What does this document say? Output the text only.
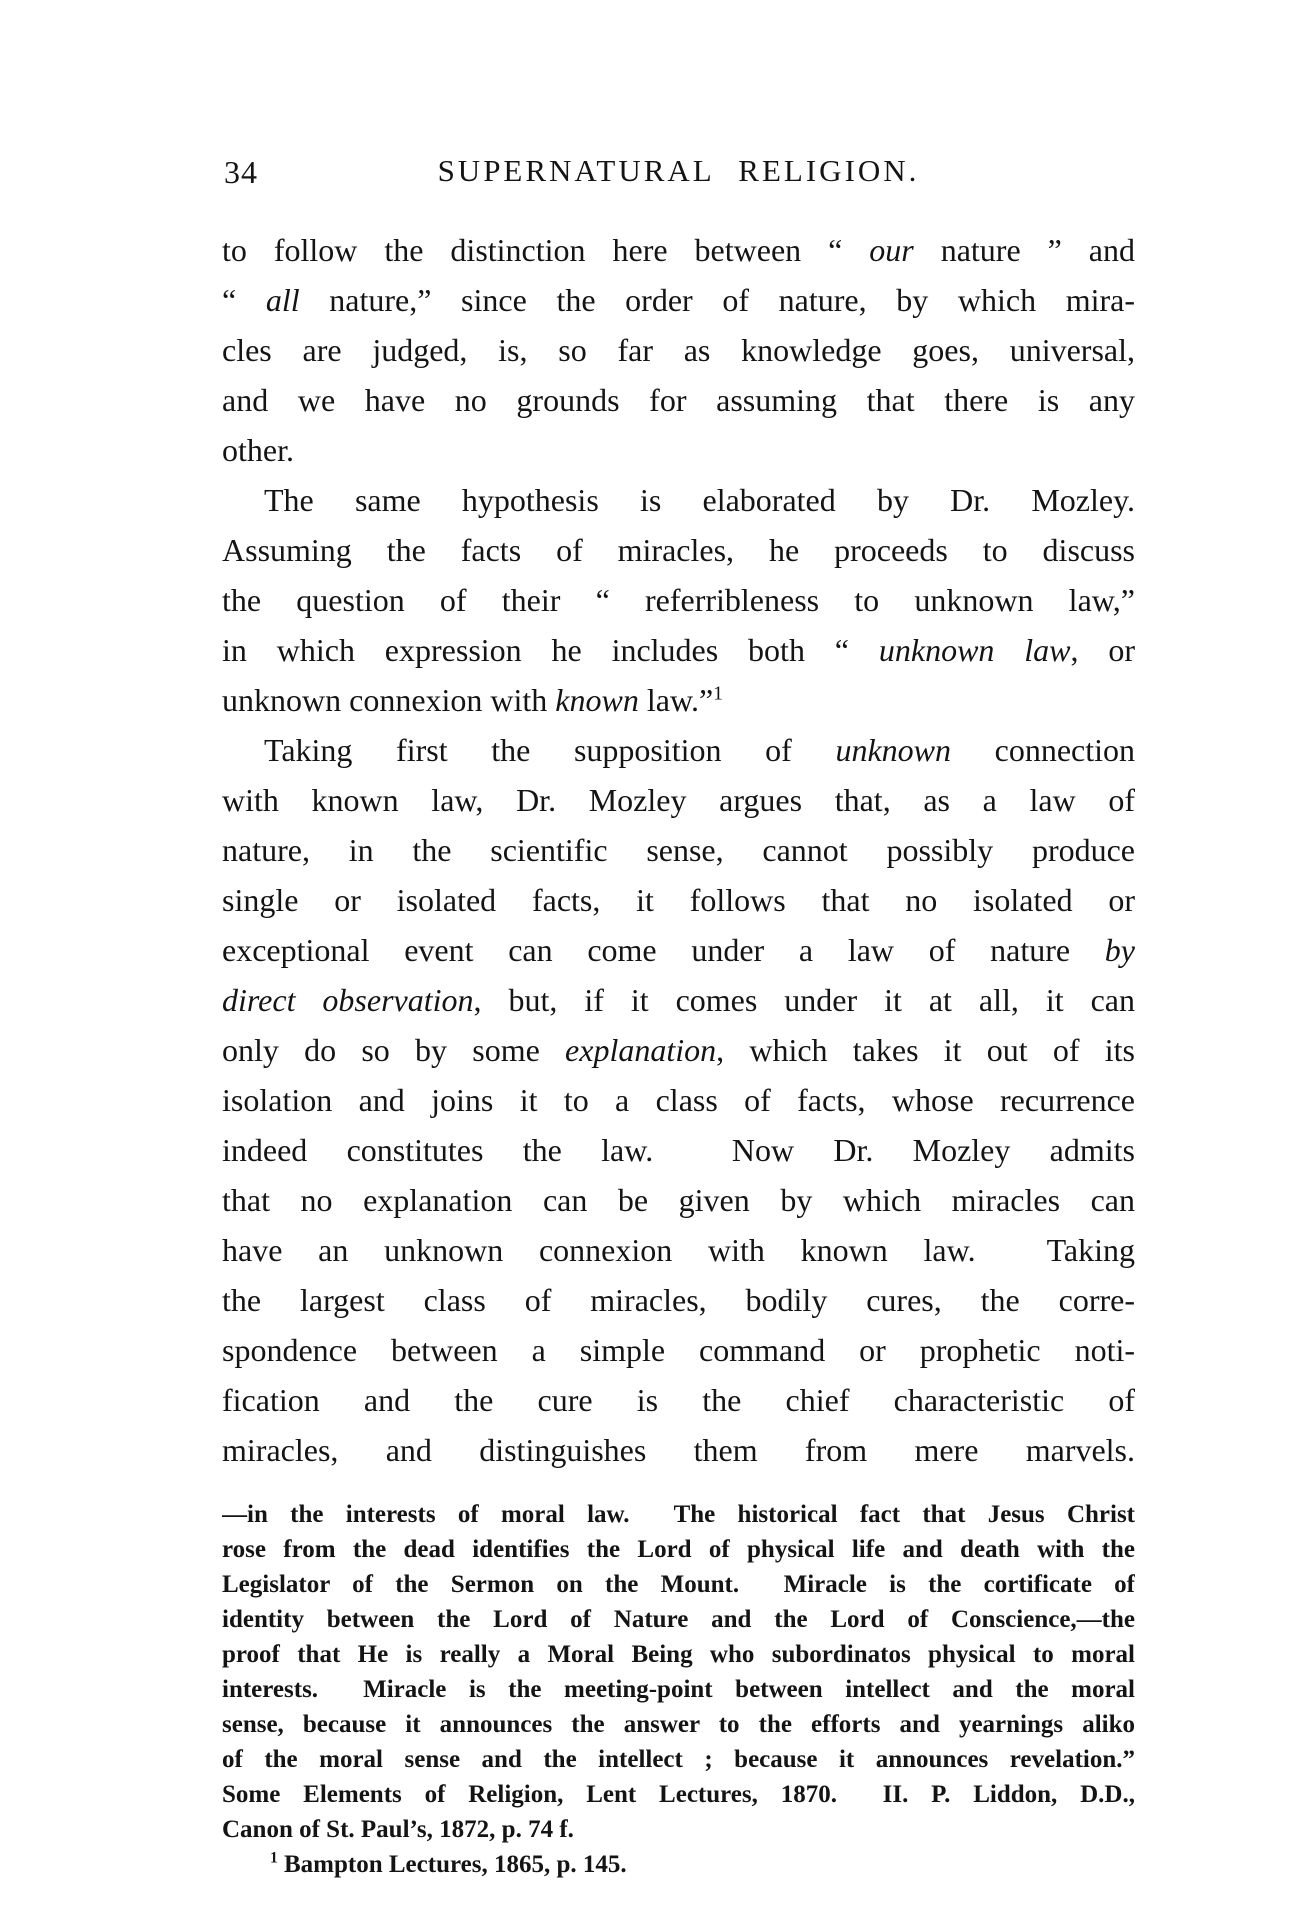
34	SUPERNATURAL RELIGION.
to follow the distinction here between “ our nature ” and
“ all nature,” since the order of nature, by which mira-
cles are judged, is, so far as knowledge goes, universal,
and we have no grounds for assuming that there is any
other.
The same hypothesis is elaborated by Dr. Mozley.
Assuming the facts of miracles, he proceeds to discuss
the question of their “ referribleness to unknown law,”
in which expression he includes both “ unknown law, or
unknown connexion with known law.”$^1$
Taking first the supposition of unknown connection
with known law, Dr. Mozley argues that, as a law of
nature, in the scientific sense, cannot possibly produce
single or isolated facts, it follows that no isolated or
exceptional event can come under a law of nature by
direct observation, but, if it comes under it at all, it can
only do so by some explanation, which takes it out of its
isolation and joins it to a class of facts, whose recurrence
indeed constitutes the law.  Now Dr. Mozley admits
that no explanation can be given by which miracles can
have an unknown connexion with known law.  Taking
the largest class of miracles, bodily cures, the corre-
spondence between a simple command or prophetic noti-
fication and the cure is the chief characteristic of
miracles, and distinguishes them from mere marvels.
—in the interests of moral law.  The historical fact that Jesus Christ
rose from the dead identifies the Lord of physical life and death with the
Legislator of the Sermon on the Mount.  Miracle is the cortificate of
identity between the Lord of Nature and the Lord of Conscience,—the
proof that He is really a Moral Being who subordinatos physical to moral
interests.  Miracle is the meeting-point between intellect and the moral
sense, because it announces the answer to the efforts and yearnings aliko
of the moral sense and the intellect ; because it announces revelation.”
Some Elements of Religion, Lent Lectures, 1870.  II. P. Liddon, D.D.,
Canon of St. Paul’s, 1872, p. 74 f.
$^1$ Bampton Lectures, 1865, p. 145.
